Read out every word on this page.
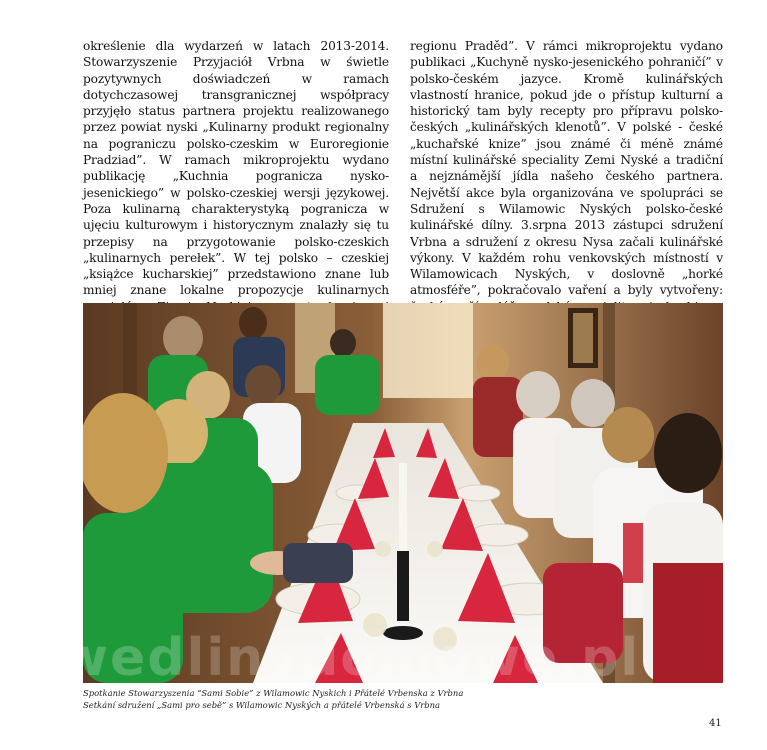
określenie dla wydarzeń w latach 2013-2014. Stowarzyszenie Przyjaciół Vrbna w świetle pozytywnych doświadczeń w ramach dotychczasowej transgranicznej współpracy przyjęło status partnera projektu realizowanego przez powiat nyski „Kulinarny produkt regionalny na pograniczu polsko-czeskim w Euroregionie Pradziad”. W ramach mikroprojektu wydano publikację „Kuchnia pogranicza nysko-jesenickiego” w polsko-czeskiej wersji językowej. Poza kulinarną charakterystyką pogranicza w ujęciu kulturowym i historycznym znalazły się tu przepisy na przygotowanie polsko-czeskich „kulinarnych perełek”. W tej polsko – czeskiej „książce kucharskiej” przedstawiono znane lub mniej znane lokalne propozycje kulinarnych

regionu Praděd”. V rámci mikroprojektu vydano publikaci „Kuchyně nysko-jesenického pohraničí” v polsko-českém jazyce. Kromě kulinářských vlastností hranice, pokud jde o přístup kulturní a historický tam byly recepty pro přípravu polsko-českých „kulinářských klenotů”. V polské - české „kuchařské knize” jsou známé či méně známé místní kulinářské speciality Zemi Nyské a tradiční a nejznámější jídla našeho českého partnera. Největší akce byla organizována ve spolupráci se Sdružení s Wilamowic Nyských polsko-české kulinářské dílny. 3.srpna 2013 zástupci sdružení Vrbna a sdružení z okresu Nysa začali kulinářské výkony. V každém rohu venkovských místností v Wilamowicach Nyských, v doslovně „horké atmosféře”, pokračovalo vaření a byly vytvořeny:

wedlinydomowe.pl
Spotkanie Stowarzyszenia “Sami Sobie” z Wilamowic Nyskich i Přátelé Vrbenska z Vrbna
Setkání sdružení „Sami pro sebě” s Wilamowic Nyských a přátelé Vrbenská s Vrbna
41
